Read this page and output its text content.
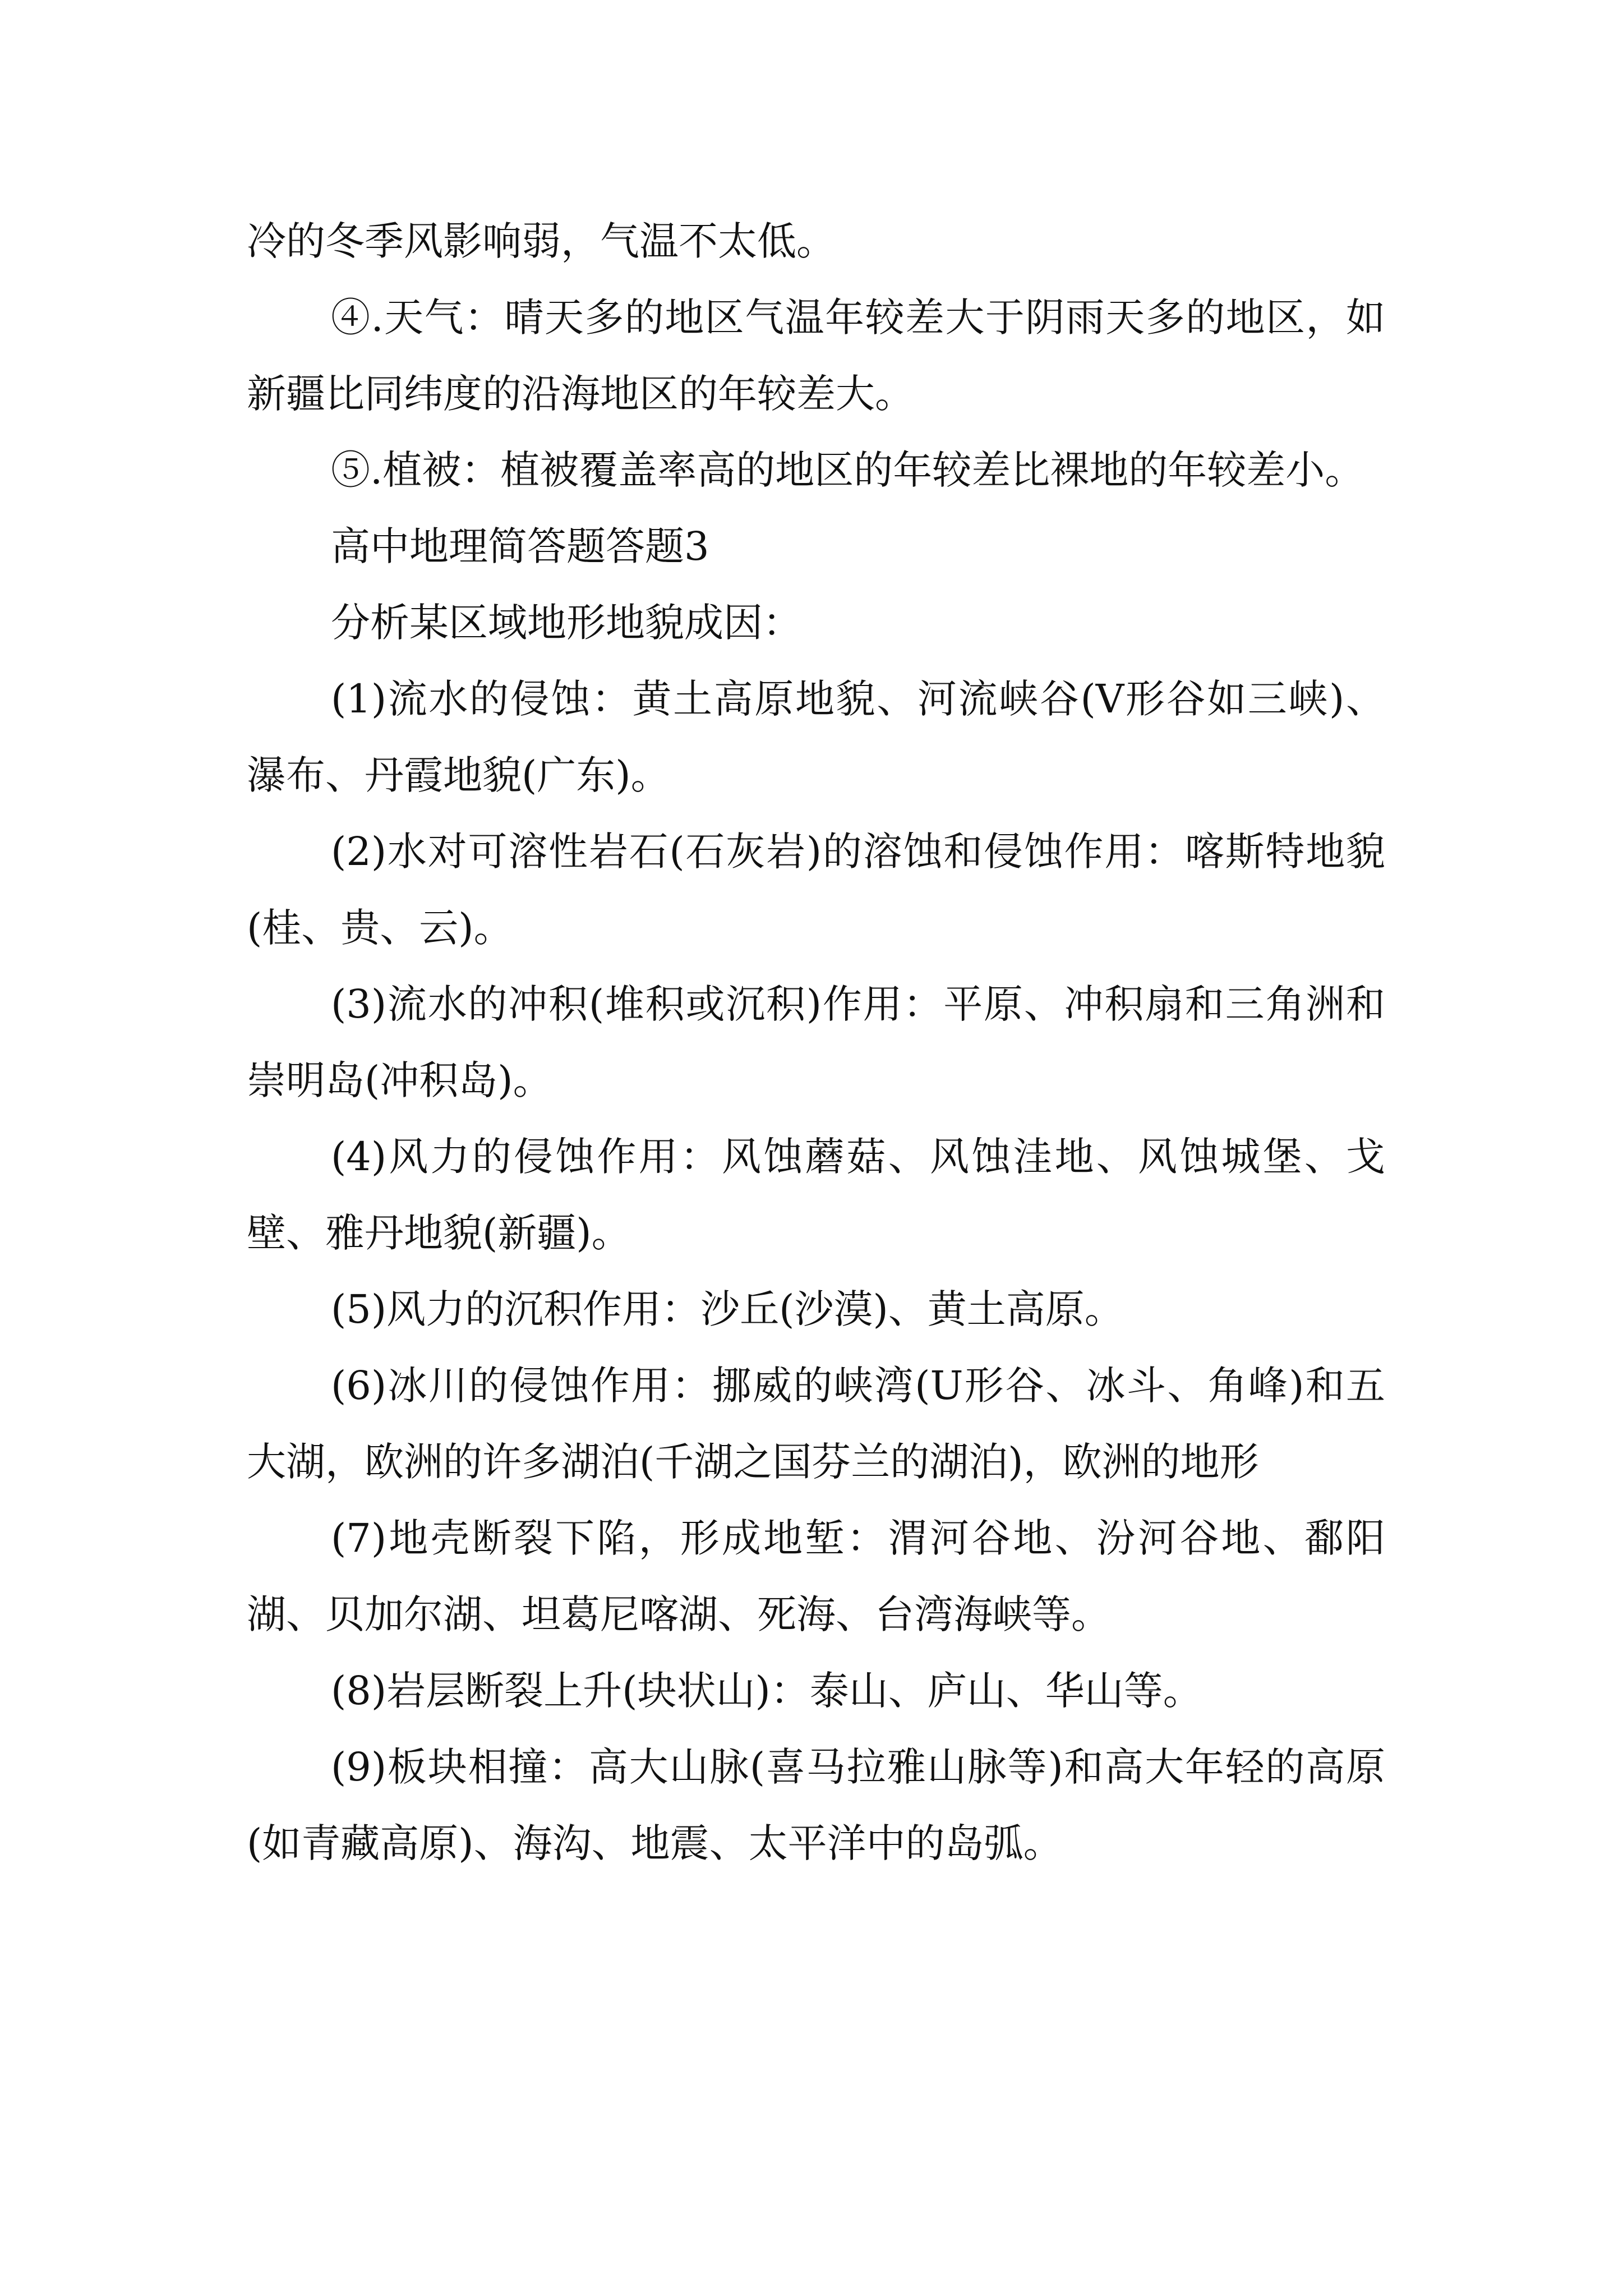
冷的冬季风影响弱，气温不太低。

④.天气：晴天多的地区气温年较差大于阴雨天多的地区，如新疆比同纬度的沿海地区的年较差大。

⑤.植被：植被覆盖率高的地区的年较差比裸地的年较差小。

高中地理简答题答题3

分析某区域地形地貌成因：

(1)流水的侵蚀：黄土高原地貌、河流峡谷(V形谷如三峡)、瀑布、丹霞地貌(广东)。

(2)水对可溶性岩石(石灰岩)的溶蚀和侵蚀作用：喀斯特地貌(桂、贵、云)。

(3)流水的冲积(堆积或沉积)作用：平原、冲积扇和三角洲和崇明岛(冲积岛)。

(4)风力的侵蚀作用：风蚀蘑菇、风蚀洼地、风蚀城堡、戈壁、雅丹地貌(新疆)。

(5)风力的沉积作用：沙丘(沙漠)、黄土高原。

(6)冰川的侵蚀作用：挪威的峡湾(U形谷、冰斗、角峰)和五大湖，欧洲的许多湖泊(千湖之国芬兰的湖泊)，欧洲的地形

(7)地壳断裂下陷，形成地堑：渭河谷地、汾河谷地、鄱阳湖、贝加尔湖、坦葛尼喀湖、死海、台湾海峡等。

(8)岩层断裂上升(块状山)：泰山、庐山、华山等。

(9)板块相撞：高大山脉(喜马拉雅山脉等)和高大年轻的高原(如青藏高原)、海沟、地震、太平洋中的岛弧。
